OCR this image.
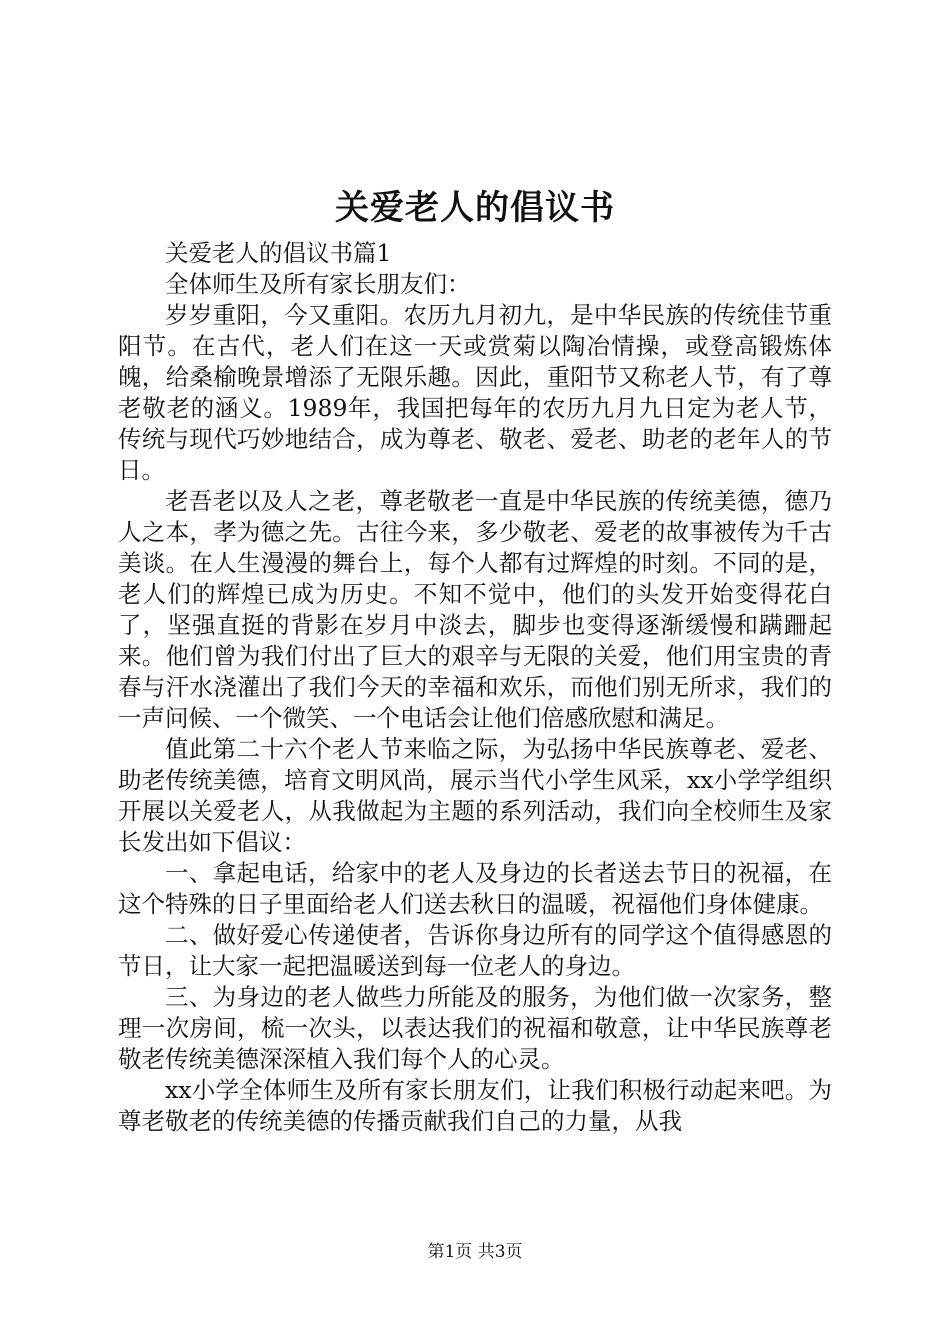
关爱老人的倡议书

关爱老人的倡议书篇1

全体师生及所有家长朋友们：

岁岁重阳，今又重阳。农历九月初九，是中华民族的传统佳节重阳节。在古代，老人们在这一天或赏菊以陶冶情操，或登高锻炼体魄，给桑榆晚景增添了无限乐趣。因此，重阳节又称老人节，有了尊老敬老的涵义。1989年，我国把每年的农历九月九日定为老人节，传统与现代巧妙地结合，成为尊老、敬老、爱老、助老的老年人的节日。

老吾老以及人之老，尊老敬老一直是中华民族的传统美德，德乃人之本，孝为德之先。古往今来，多少敬老、爱老的故事被传为千古美谈。在人生漫漫的舞台上，每个人都有过辉煌的时刻。不同的是，老人们的辉煌已成为历史。不知不觉中，他们的头发开始变得花白了，坚强直挺的背影在岁月中淡去，脚步也变得逐渐缓慢和蹒跚起来。他们曾为我们付出了巨大的艰辛与无限的关爱，他们用宝贵的青春与汗水浇灌出了我们今天的幸福和欢乐，而他们别无所求，我们的一声问候、一个微笑、一个电话会让他们倍感欣慰和满足。

值此第二十六个老人节来临之际，为弘扬中华民族尊老、爱老、助老传统美德，培育文明风尚，展示当代小学生风采，xx小学学组织开展以关爱老人，从我做起为主题的系列活动，我们向全校师生及家长发出如下倡议：

一、拿起电话，给家中的老人及身边的长者送去节日的祝福，在这个特殊的日子里面给老人们送去秋日的温暖，祝福他们身体健康。

二、做好爱心传递使者，告诉你身边所有的同学这个值得感恩的节日，让大家一起把温暖送到每一位老人的身边。

三、为身边的老人做些力所能及的服务，为他们做一次家务，整理一次房间，梳一次头，以表达我们的祝福和敬意，让中华民族尊老敬老传统美德深深植入我们每个人的心灵。

xx小学全体师生及所有家长朋友们，让我们积极行动起来吧。为尊老敬老的传统美德的传播贡献我们自己的力量，从我

第1页 共3页
